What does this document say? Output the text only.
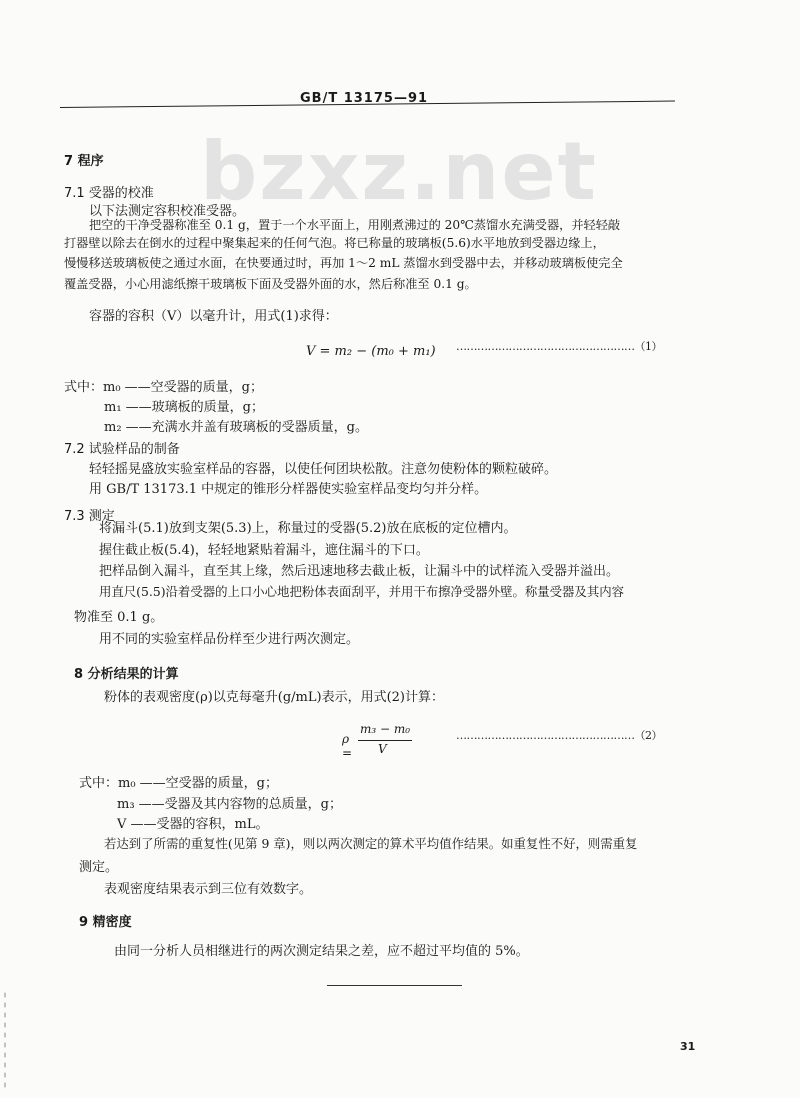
bzxz.net
GB/T 13175—91
7 程序
7.1 受器的校准
以下法测定容积校准受器。
把空的干净受器称准至 0.1 g，置于一个水平面上，用刚煮沸过的 20℃蒸馏水充满受器，并轻轻敲
打器壁以除去在倒水的过程中聚集起来的任何气泡。将已称量的玻璃板(5.6)水平地放到受器边缘上，
慢慢移送玻璃板使之通过水面，在快要通过时，再加 1～2 mL 蒸馏水到受器中去，并移动玻璃板使完全
覆盖受器，小心用滤纸擦干玻璃板下面及受器外面的水，然后称准至 0.1 g。
容器的容积（V）以毫升计，用式(1)求得：
V = m₂ − (m₀ + m₁) ……………………………………………（1）
式中：m₀ ——空受器的质量，g；
m₁ ——玻璃板的质量，g；
m₂ ——充满水并盖有玻璃板的受器质量，g。
7.2 试验样品的制备
轻轻摇晃盛放实验室样品的容器，以使任何团块松散。注意勿使粉体的颗粒破碎。
用 GB/T 13173.1 中规定的锥形分样器使实验室样品变均匀并分样。
7.3 测定
将漏斗(5.1)放到支架(5.3)上，称量过的受器(5.2)放在底板的定位槽内。
握住截止板(5.4)，轻轻地紧贴着漏斗，遮住漏斗的下口。
把样品倒入漏斗，直至其上缘，然后迅速地移去截止板，让漏斗中的试样流入受器并溢出。
用直尺(5.5)沿着受器的上口小心地把粉体表面刮平，并用干布擦净受器外壁。称量受器及其内容
物准至 0.1 g。
用不同的实验室样品份样至少进行两次测定。
8 分析结果的计算
粉体的表观密度(ρ)以克每毫升(g/mL)表示，用式(2)计算：
ρ =
m₃ − m₀
V
……………………………………………（2）
式中：m₀ ——空受器的质量，g；
m₃ ——受器及其内容物的总质量，g；
V ——受器的容积，mL。
若达到了所需的重复性(见第 9 章)，则以两次测定的算术平均值作结果。如重复性不好，则需重复
测定。
表观密度结果表示到三位有效数字。
9 精密度
由同一分析人员相继进行的两次测定结果之差，应不超过平均值的 5%。
31
